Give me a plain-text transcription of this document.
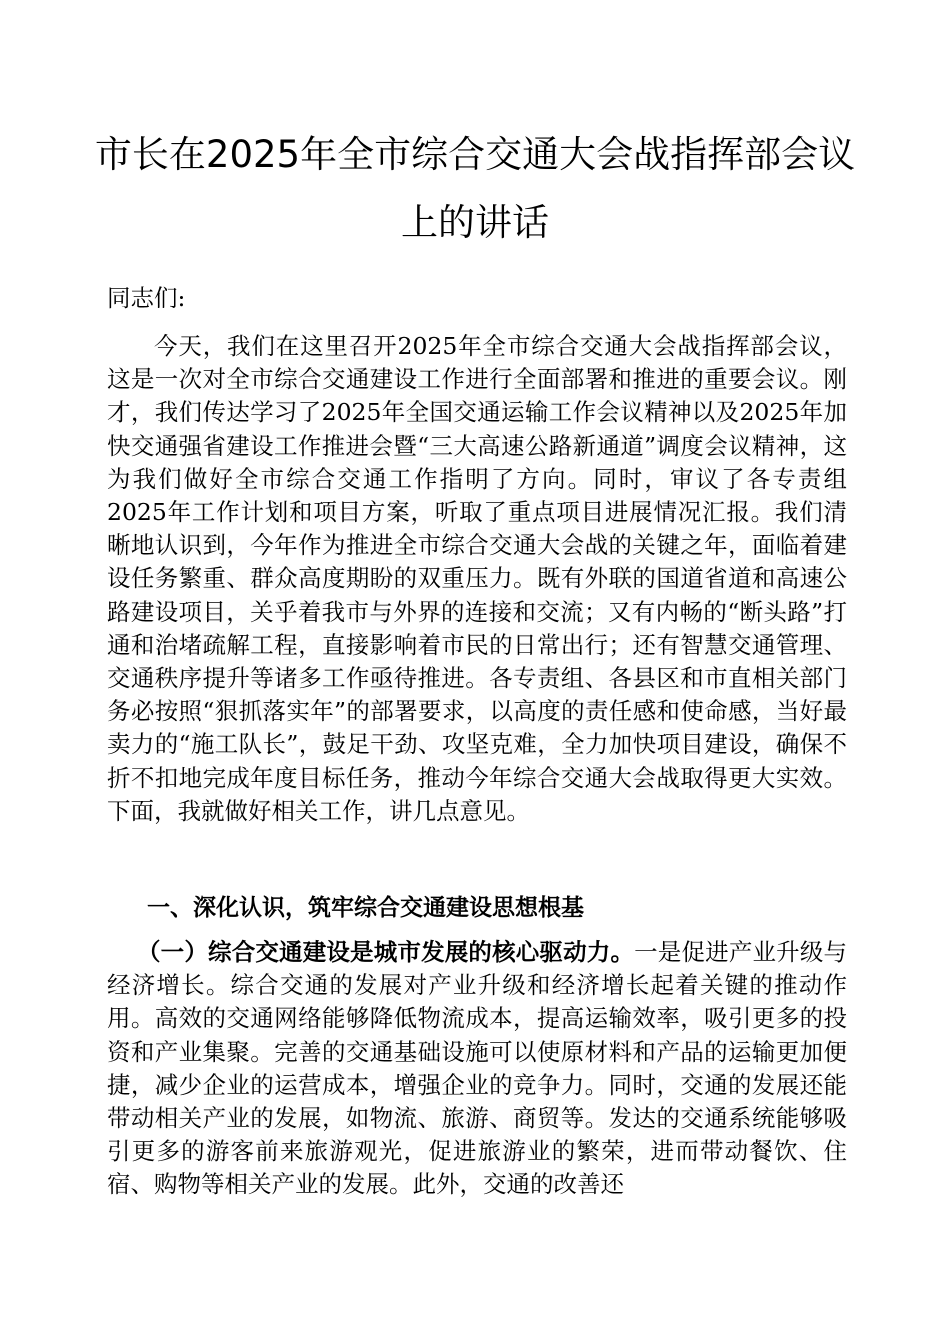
市长在2025年全市综合交通大会战指挥部会议
上的讲话

同志们:

今天，我们在这里召开2025年全市综合交通大会战指挥部会议，这是一次对全市综合交通建设工作进行全面部署和推进的重要会议。刚才，我们传达学习了2025年全国交通运输工作会议精神以及2025年加快交通强省建设工作推进会暨“三大高速公路新通道”调度会议精神，这为我们做好全市综合交通工作指明了方向。同时，审议了各专责组2025年工作计划和项目方案，听取了重点项目进展情况汇报。我们清晰地认识到，今年作为推进全市综合交通大会战的关键之年，面临着建设任务繁重、群众高度期盼的双重压力。既有外联的国道省道和高速公路建设项目，关乎着我市与外界的连接和交流；又有内畅的“断头路”打通和治堵疏解工程，直接影响着市民的日常出行；还有智慧交通管理、交通秩序提升等诸多工作亟待推进。各专责组、各县区和市直相关部门务必按照“狠抓落实年”的部署要求，以高度的责任感和使命感，当好最卖力的“施工队长”，鼓足干劲、攻坚克难，全力加快项目建设，确保不折不扣地完成年度目标任务，推动今年综合交通大会战取得更大实效。下面，我就做好相关工作，讲几点意见。

一、深化认识，筑牢综合交通建设思想根基

（一）综合交通建设是城市发展的核心驱动力。一是促进产业升级与经济增长。综合交通的发展对产业升级和经济增长起着关键的推动作用。高效的交通网络能够降低物流成本，提高运输效率，吸引更多的投资和产业集聚。完善的交通基础设施可以使原材料和产品的运输更加便捷，减少企业的运营成本，增强企业的竞争力。同时，交通的发展还能带动相关产业的发展，如物流、旅游、商贸等。发达的交通系统能够吸引更多的游客前来旅游观光，促进旅游业的繁荣，进而带动餐饮、住宿、购物等相关产业的发展。此外，交通的改善还
